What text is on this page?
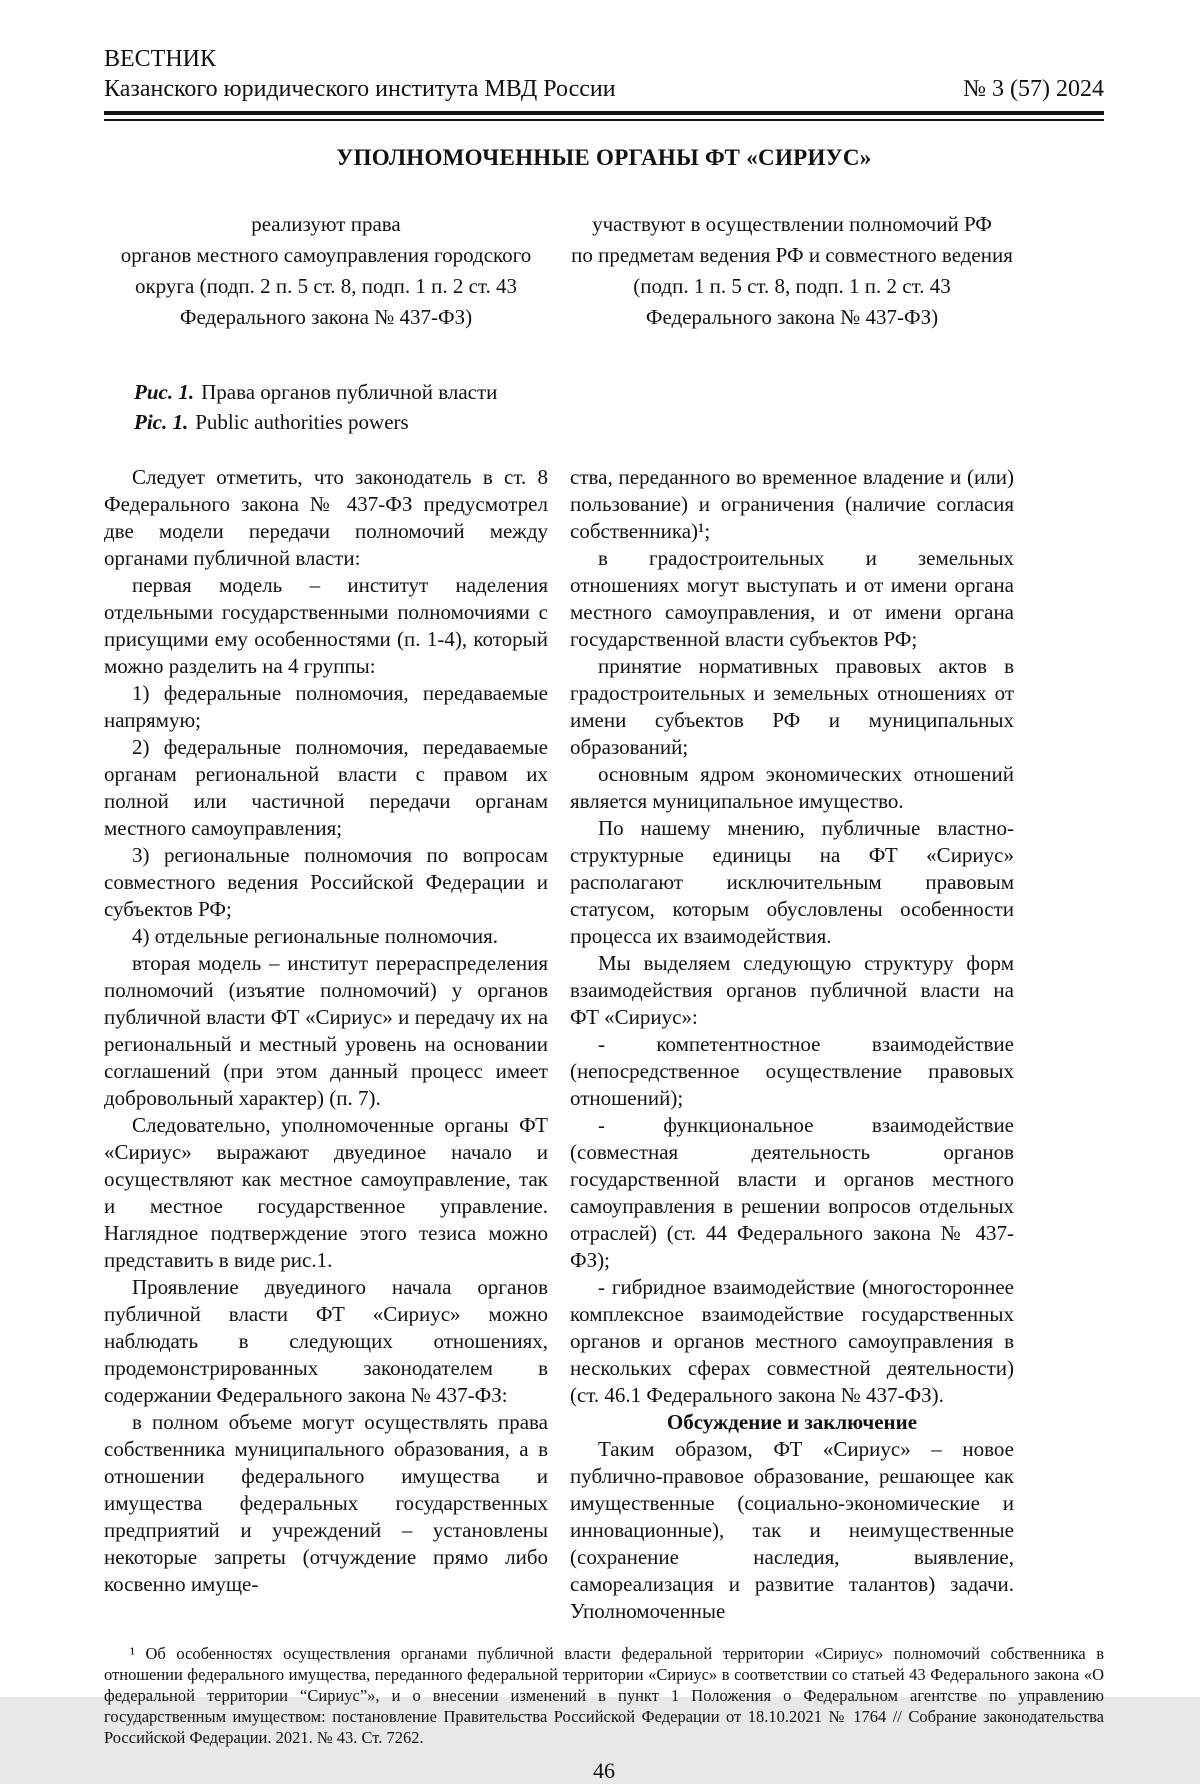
ВЕСТНИК
Казанского юридического института МВД России	№ 3 (57) 2024
УПОЛНОМОЧЕННЫЕ ОРГАНЫ ФТ «СИРИУС»
реализуют права
органов местного самоуправления городского
округа (подп. 2 п. 5 ст. 8, подп. 1 п. 2 ст. 43
Федерального закона № 437-ФЗ)
участвуют в осуществлении полномочий РФ
по предметам ведения РФ и совместного ведения
(подп. 1 п. 5 ст. 8, подп. 1 п. 2 ст. 43
Федерального закона № 437-ФЗ)
Рис. 1. Права органов публичной власти
Pic. 1. Public authorities powers

Следует отметить, что законодатель в ст. 8 Федерального закона № 437-ФЗ предусмотрел две модели передачи полномочий между органами публичной власти:

первая модель – институт наделения отдельными государственными полномочиями с присущими ему особенностями (п. 1-4), который можно разделить на 4 группы:

1) федеральные полномочия, передаваемые напрямую;

2) федеральные полномочия, передаваемые органам региональной власти с правом их полной или частичной передачи органам местного самоуправления;

3) региональные полномочия по вопросам совместного ведения Российской Федерации и субъектов РФ;

4) отдельные региональные полномочия.

вторая модель – институт перераспределения полномочий (изъятие полномочий) у органов публичной власти ФТ «Сириус» и передачу их на региональный и местный уровень на основании соглашений (при этом данный процесс имеет добровольный характер) (п. 7).

Следовательно, уполномоченные органы ФТ «Сириус» выражают двуединое начало и осуществляют как местное самоуправление, так и местное государственное управление. Наглядное подтверждение этого тезиса можно представить в виде рис.1.

Проявление двуединого начала органов публичной власти ФТ «Сириус» можно наблюдать в следующих отношениях, продемонстрированных законодателем в содержании Федерального закона № 437-ФЗ:

в полном объеме могут осуществлять права собственника муниципального образования, а в отношении федерального имущества и имущества федеральных государственных предприятий и учреждений – установлены некоторые запреты (отчуждение прямо либо косвенно имуще-

ства, переданного во временное владение и (или) пользование) и ограничения (наличие согласия собственника)¹;

в градостроительных и земельных отношениях могут выступать и от имени органа местного самоуправления, и от имени органа государственной власти субъектов РФ;

принятие нормативных правовых актов в градостроительных и земельных отношениях от имени субъектов РФ и муниципальных образований;

основным ядром экономических отношений является муниципальное имущество.

По нашему мнению, публичные властно-структурные единицы на ФТ «Сириус» располагают исключительным правовым статусом, которым обусловлены особенности процесса их взаимодействия.

Мы выделяем следующую структуру форм взаимодействия органов публичной власти на ФТ «Сириус»:

- компетентностное взаимодействие (непосредственное осуществление правовых отношений);

- функциональное взаимодействие (совместная деятельность органов государственной власти и органов местного самоуправления в решении вопросов отдельных отраслей) (ст. 44 Федерального закона № 437-ФЗ);

- гибридное взаимодействие (многостороннее комплексное взаимодействие государственных органов и органов местного самоуправления в нескольких сферах совместной деятельности) (ст. 46.1 Федерального закона № 437-ФЗ).

Обсуждение и заключение

Таким образом, ФТ «Сириус» – новое публично-правовое образование, решающее как имущественные (социально-экономические и инновационные), так и неимущественные (сохранение наследия, выявление, самореализация и развитие талантов) задачи. Уполномоченные

¹ Об особенностях осуществления органами публичной власти федеральной территории «Сириус» полномочий собственника в отношении федерального имущества, переданного федеральной территории «Сириус» в соответствии со статьей 43 Федерального закона «О федеральной территории “Сириус”», и о внесении изменений в пункт 1 Положения о Федеральном агентстве по управлению государственным имуществом: постановление Правительства Российской Федерации от 18.10.2021 № 1764 // Собрание законодательства Российской Федерации. 2021. № 43. Ст. 7262.
46
